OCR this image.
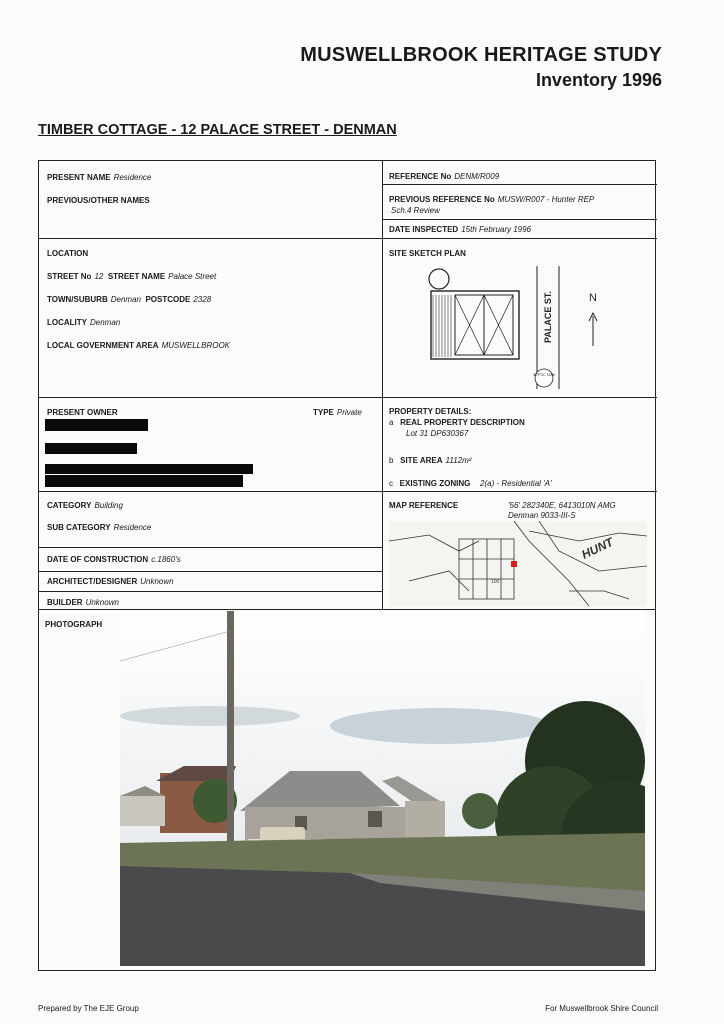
MUSWELLBROOK HERITAGE STUDY
Inventory 1996
TIMBER COTTAGE - 12 PALACE STREET - DENMAN
PRESENT NAME Residence
PREVIOUS/OTHER NAMES
LOCATION
STREET No 12 STREET NAME Palace Street
TOWN/SUBURB Denman POSTCODE 2328
LOCALITY Denman
LOCAL GOVERNMENT AREA MUSWELLBROOK
PRESENT OWNER	TYPE Private
CATEGORY Building
SUB CATEGORY Residence
DATE OF CONSTRUCTION c.1860's
ARCHITECT/DESIGNER Unknown
BUILDER Unknown
REFERENCE No DENM/R009
PREVIOUS REFERENCE No MUSW/R007 - Hunter REP
Sch.4 Review
DATE INSPECTED 15th February 1996
SITE SKETCH PLAN
PALACE ST.	N
SEPTIC TANK
PROPERTY DETAILS:
a REAL PROPERTY DESCRIPTION
Lot 31 DP630367
b SITE AREA 1112m²
c EXISTING ZONING 2(a) - Residential 'A'
MAP REFERENCE	'56' 282340E, 6413010N AMG
Denman 9033-III-S
HUNT
100
PHOTOGRAPH
Prepared by The EJE Group	For Muswellbrook Shire Council
